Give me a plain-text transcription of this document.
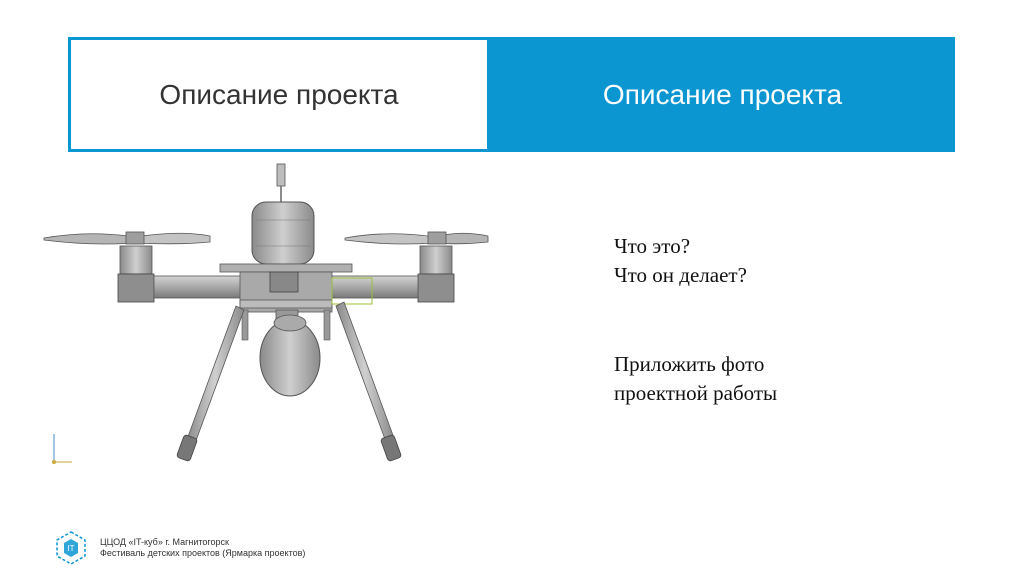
Описание проекта	Описание проекта

Что это?

Что он делает?

Приложить фото

проектной работы

IT
ЦЦОД «IT-куб» г. Магнитогорск
Фестиваль детских проектов (Ярмарка проектов)
